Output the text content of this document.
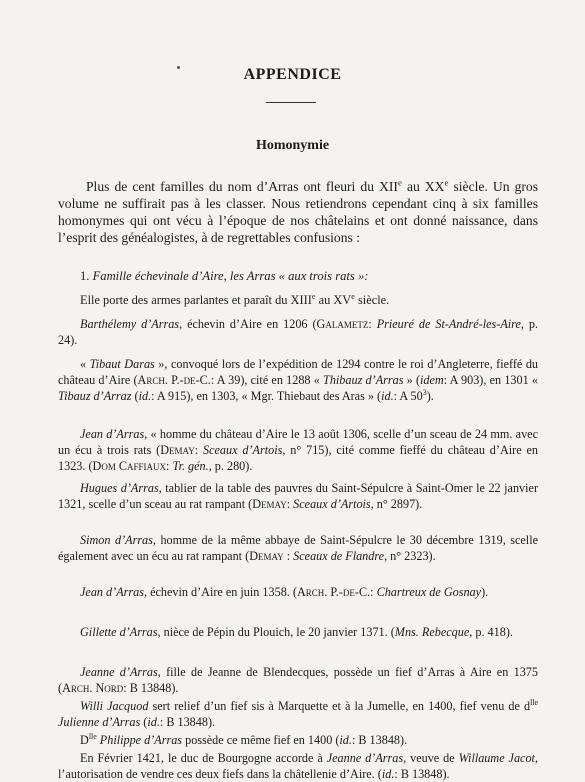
APPENDICE
Homonymie

Plus de cent familles du nom d’Arras ont fleuri du XIIe au XXe siècle. Un gros volume ne suffirait pas à les classer. Nous retiendrons cependant cinq à six familles homonymes qui ont vécu à l’époque de nos châtelains et ont donné naissance, dans l’esprit des généalogistes, à de regrettables confusions :

1. Famille échevinale d’Aire, les Arras « aux trois rats »:

Elle porte des armes parlantes et paraît du XIIIe au XVe siècle.

Barthélemy d’Arras, échevin d’Aire en 1206 (Galametz: Prieuré de St-André-les-Aire, p. 24).

« Tibaut Daras », convoqué lors de l’expédition de 1294 contre le roi d’Angleterre, fieffé du château d’Aire (Arch. P.-de-C.: A 39), cité en 1288 « Thibauz d’Arras » (idem: A 903), en 1301 « Tibauz d’Arraz (id.: A 915), en 1303, « Mgr. Thiebaut des Aras » (id.: A $50^3$).

Jean d’Arras, « homme du château d’Aire le 13 août 1306, scelle d’un sceau de 24 mm. avec un écu à trois rats (Demay: Sceaux d’Artois, n° 715), cité comme fieffé du château d’Aire en 1323. (Dom Caffiaux: Tr. gén., p. 280).

Hugues d’Arras, tablier de la table des pauvres du Saint-Sépulcre à Saint-Omer le 22 janvier 1321, scelle d’un sceau au rat rampant (Demay: Sceaux d’Artois, n° 2897).

Simon d’Arras, homme de la même abbaye de Saint-Sépulcre le 30 décembre 1319, scelle également avec un écu au rat rampant (Demay : Sceaux de Flandre, n° 2323).

Jean d’Arras, échevin d’Aire en juin 1358. (Arch. P.-de-C.: Chartreux de Gosnay).

Gillette d’Arras, nièce de Pépin du Plouich, le 20 janvier 1371. (Mns. Rebecque, p. 418).

Jeanne d’Arras, fille de Jeanne de Blendecques, possède un fief d’Arras à Aire en 1375 (Arch. Nord: B 13848).

Willi Jacquod sert relief d’un fief sis à Marquette et à la Jumelle, en 1400, fief venu de $d^{lle}$ Julienne d’Arras (id.: B 13848).

$D^{lle}$ Philippe d’Arras possède ce même fief en 1400 (id.: B 13848).

En Février 1421, le duc de Bourgogne accorde à Jeanne d’Arras, veuve de Willaume Jacot, l’autorisation de vendre ces deux fiefs dans la châtellenie d’Aire. (id.: B 13848).
